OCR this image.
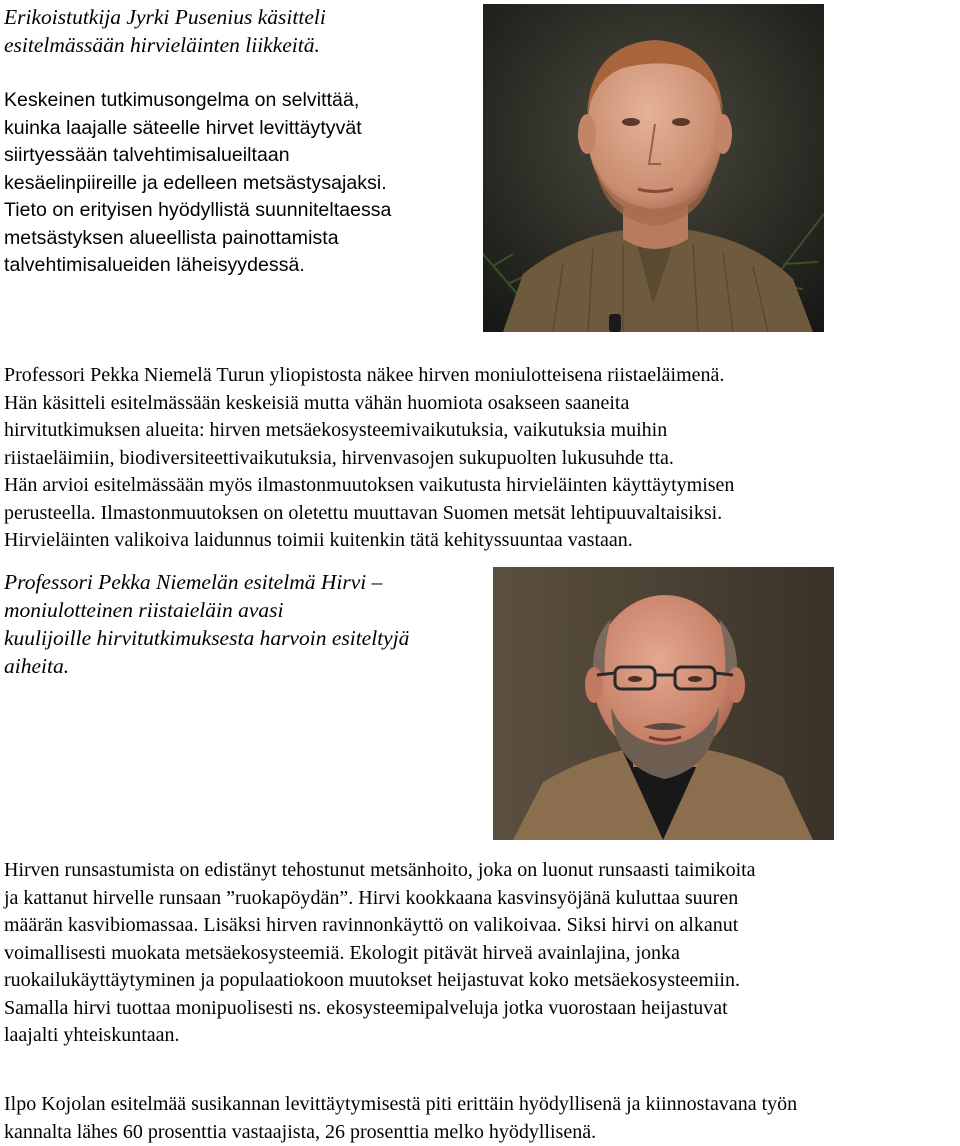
Erikoistutkija Jyrki Pusenius käsitteli
esitelmässään hirvieläinten liikkeitä.
Keskeinen tutkimusongelma on selvittää,
kuinka laajalle säteelle hirvet levittäytyvät
siirtyessään talvehtimisalueiltaan
kesäelinpiireille ja edelleen metsästysajaksi.
Tieto on erityisen hyödyllistä suunniteltaessa
metsästyksen alueellista painottamista
talvehtimisalueiden läheisyydessä.
Professori Pekka Niemelä Turun yliopistosta näkee hirven moniulotteisena riistaeläimenä.
Hän käsitteli esitelmässään keskeisiä mutta vähän huomiota osakseen saaneita
hirvitutkimuksen alueita: hirven metsäekosysteemivaikutuksia, vaikutuksia muihin
riistaeläimiin, biodiversiteettivaikutuksia, hirvenvasojen sukupuolten lukusuhde tta.
Hän arvioi esitelmässään myös ilmastonmuutoksen vaikutusta hirvieläinten käyttäytymisen
perusteella. Ilmastonmuutoksen on oletettu muuttavan Suomen metsät lehtipuuvaltaisiksi.
Hirvieläinten valikoiva laidunnus toimii kuitenkin tätä kehityssuuntaa vastaan.
Professori Pekka Niemelän esitelmä Hirvi –
moniulotteinen riistaieläin avasi
kuulijoille hirvitutkimuksesta harvoin esiteltyjä
aiheita.
Hirven runsastumista on edistänyt tehostunut metsänhoito, joka on luonut runsaasti taimikoita
ja kattanut hirvelle runsaan ”ruokapöydän”. Hirvi kookkaana kasvinsyöjänä kuluttaa suuren
määrän kasvibiomassaa. Lisäksi hirven ravinnonkäyttö on valikoivaa. Siksi hirvi on alkanut
voimallisesti muokata metsäekosysteemiä. Ekologit pitävät hirveä avainlajina, jonka
ruokailukäyttäytyminen ja populaatiokoon muutokset heijastuvat koko metsäekosysteemiin.
Samalla hirvi tuottaa monipuolisesti ns. ekosysteemipalveluja jotka vuorostaan heijastuvat
laajalti yhteiskuntaan.
Ilpo Kojolan esitelmää susikannan levittäytymisestä piti erittäin hyödyllisenä ja kiinnostavana työn
kannalta lähes 60 prosenttia vastaajista, 26 prosenttia melko hyödyllisenä.
